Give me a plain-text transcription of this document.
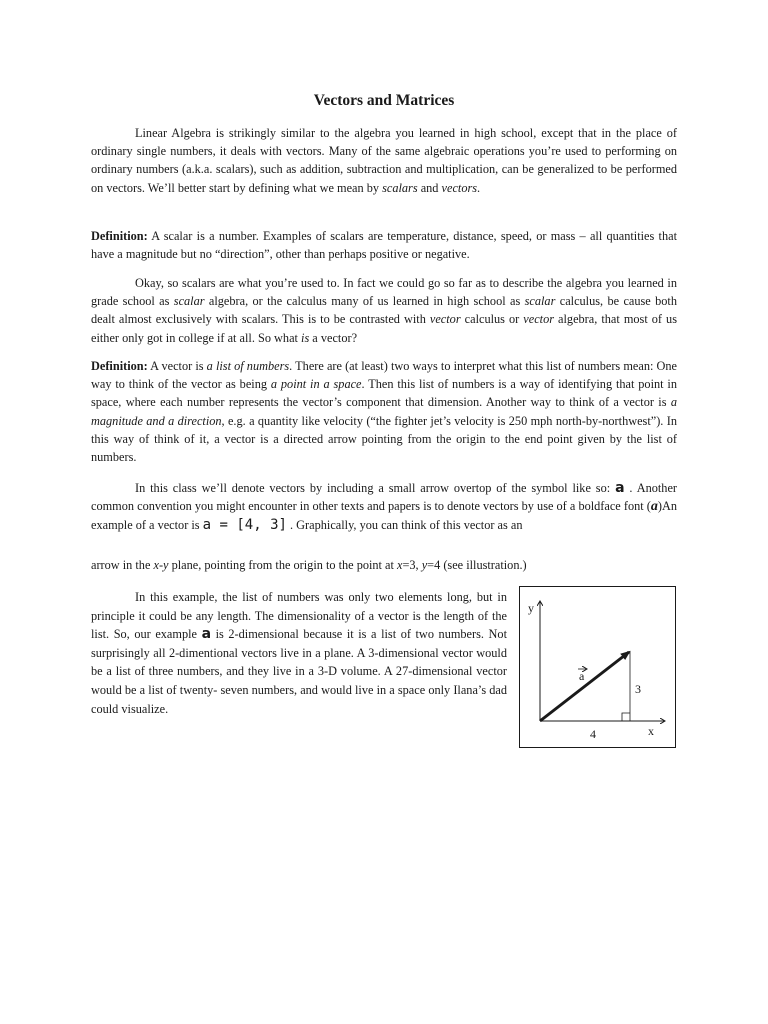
Vectors and Matrices

Linear Algebra is strikingly similar to the algebra you learned in high school, except that in the place of ordinary single numbers, it deals with vectors. Many of the same algebraic operations you’re used to performing on ordinary numbers (a.k.a. scalars), such as addition, subtraction and multiplication, can be generalized to be performed on vectors. We’ll better start by defining what we mean by scalars and vectors.

Definition: A scalar is a number. Examples of scalars are temperature, distance, speed, or mass – all quantities that have a magnitude but no “direction”, other than perhaps positive or negative.

Okay, so scalars are what you’re used to. In fact we could go so far as to describe the algebra you learned in grade school as scalar algebra, or the calculus many of us learned in high school as scalar calculus, be cause both dealt almost exclusively with scalars. This is to be contrasted with vector calculus or vector algebra, that most of us either only got in college if at all. So what is a vector?

Definition: A vector is a list of numbers. There are (at least) two ways to interpret what this list of numbers mean: One way to think of the vector as being a point in a space. Then this list of numbers is a way of identifying that point in space, where each number represents the vector’s component that dimension. Another way to think of a vector is a magnitude and a direction, e.g. a quantity like velocity (“the fighter jet’s velocity is 250 mph north-by-northwest”). In this way of think of it, a vector is a directed arrow pointing from the origin to the end point given by the list of numbers.

In this class we’ll denote vectors by including a small arrow overtop of the symbol like so: a . Another common convention you might encounter in other texts and papers is to denote vectors by use of a boldface font (a)An example of a vector is a = [4, 3] . Graphically, you can think of this vector as an

arrow in the x-y plane, pointing from the origin to the point at x=3, y=4 (see illustration.)

In this example, the list of numbers was only two elements long, but in principle it could be any length. The dimensionality of a vector is the length of the list. So, our example a is 2-dimensional because it is a list of two numbers. Not surprisingly all 2-dimentional vectors live in a plane. A 3-dimensional vector would be a list of three numbers, and they live in a 3-D volume. A 27-dimensional vector would be a list of twenty- seven numbers, and would live in a space only Ilana’s dad could visualize.

y
x
a
3
4
